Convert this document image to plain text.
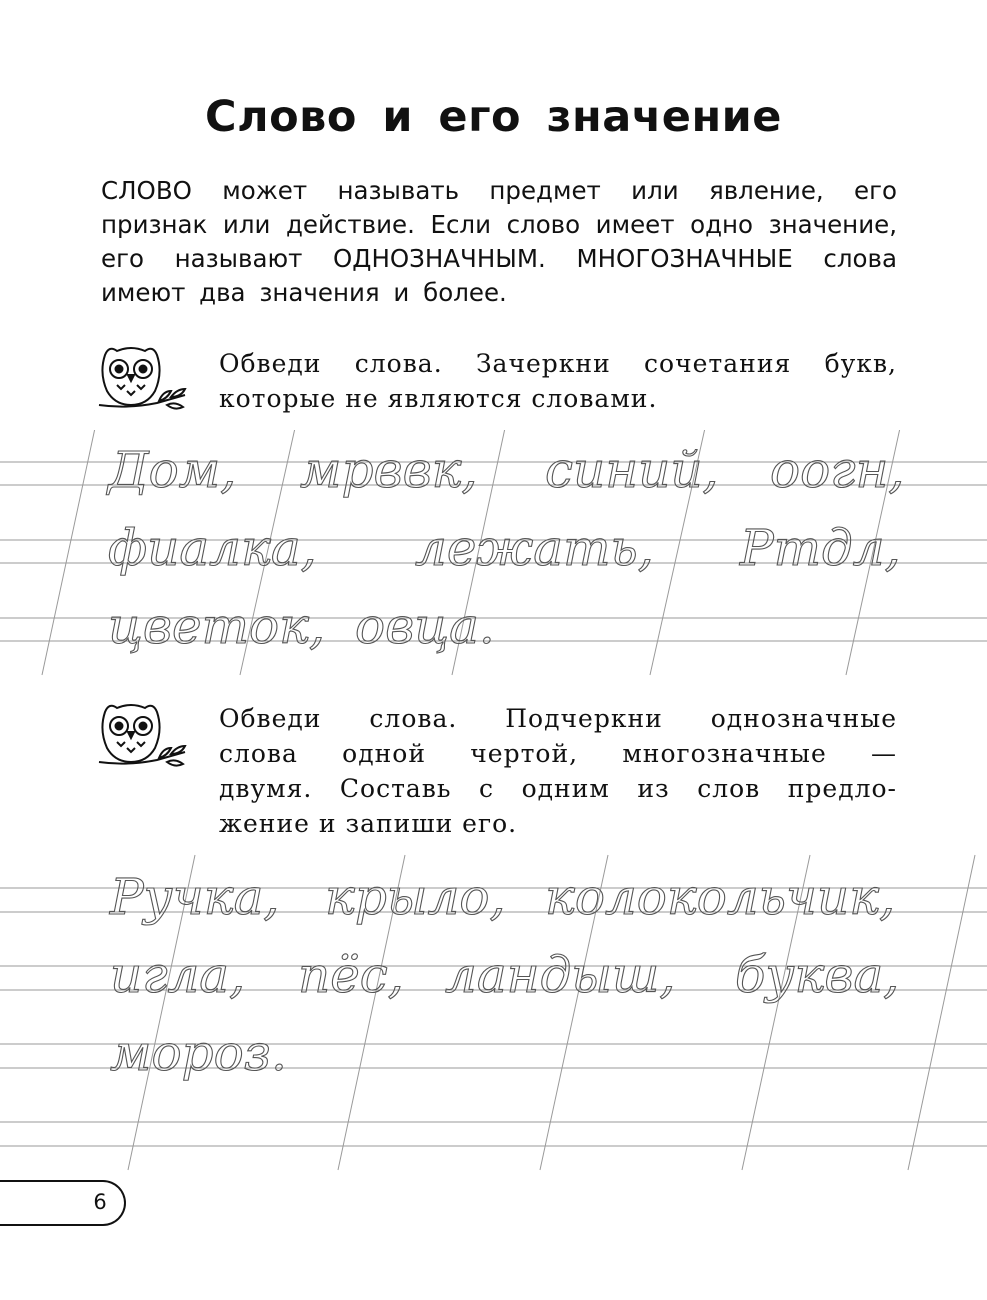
Слово и его значение
СЛОВО может называть предмет или явление, его
признак или действие. Если слово имеет одно значение,
его называют ОДНОЗНАЧНЫМ. МНОГОЗНАЧНЫЕ слова
имеют два значения и более.
Обведи слова. Зачеркни сочетания букв,
которые не являются словами.
Дом, мрввк, синий, оогн,
фиалка, лежать, Ртдл,
цветок, овца.
Обведи слова. Подчеркни однозначные
слова одной чертой, многозначные —
двумя. Составь с одним из слов предло-
жение и запиши его.
Ручка, крыло, колокольчик,
игла, пёс, ландыш, буква,
мороз.
6
